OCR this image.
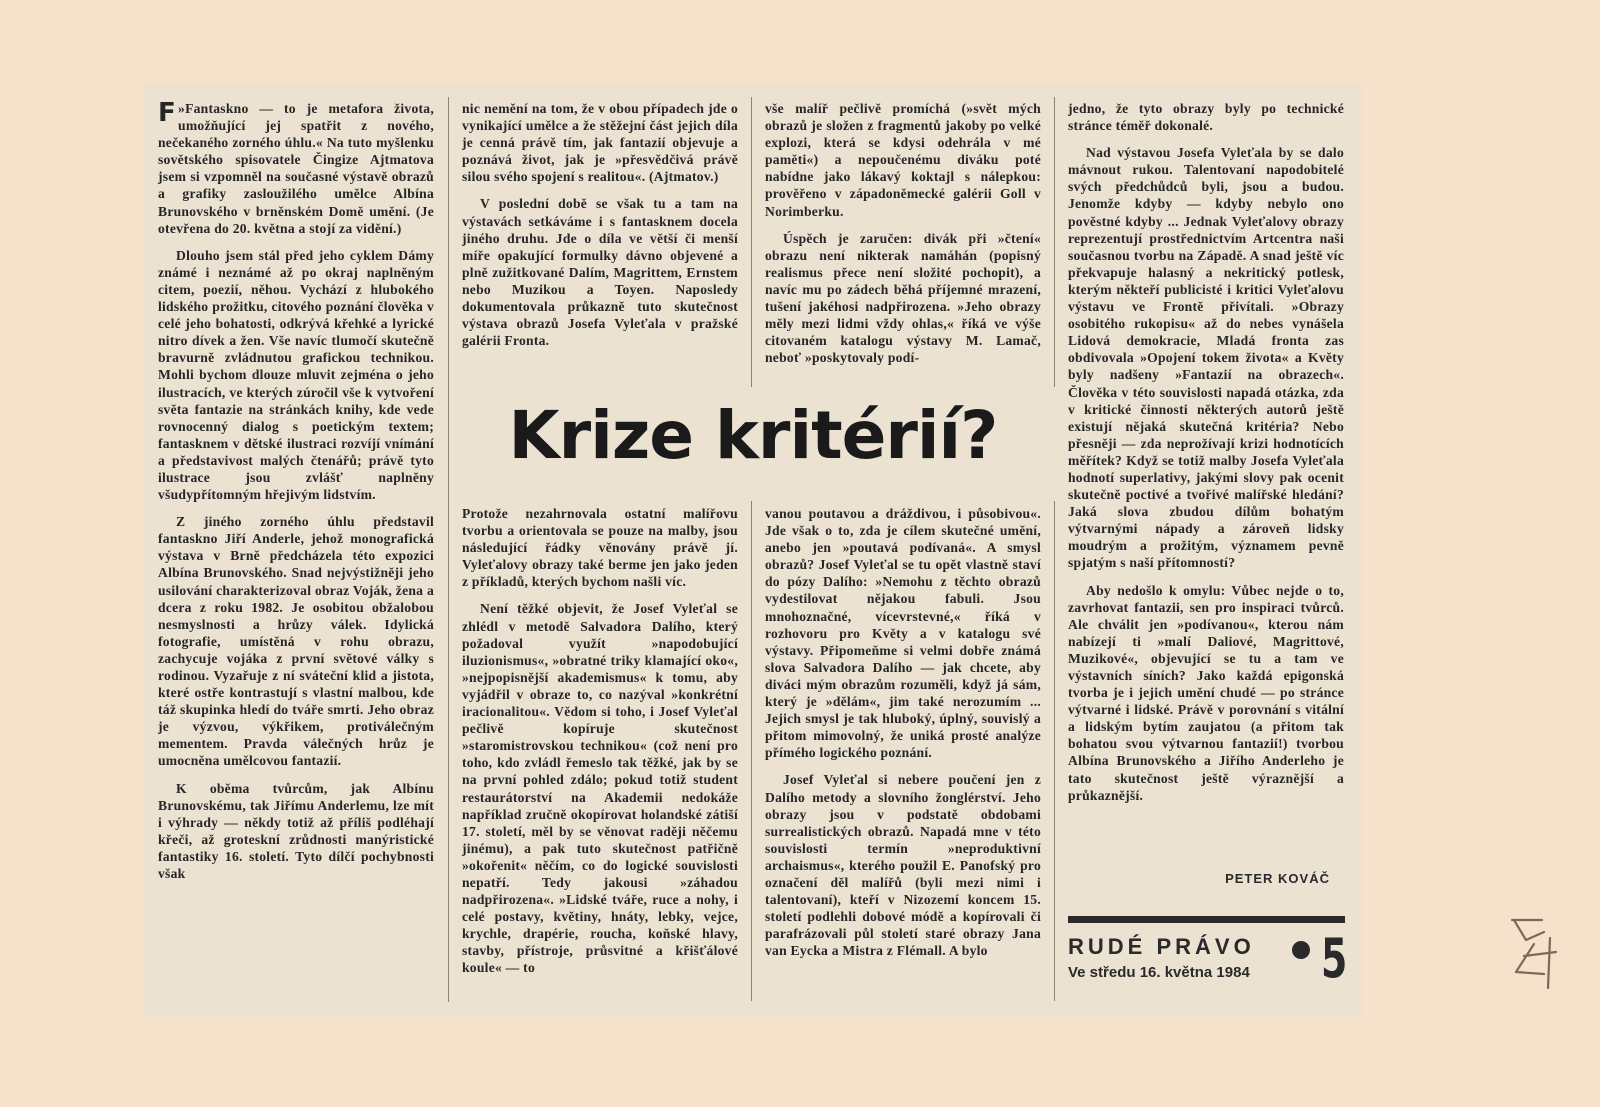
F »Fantaskno — to je metafora života, umožňující jej spatřit z nového, nečekaného zorného úhlu.« Na tuto myšlenku sovětského spisovatele Čingize Ajtmatova jsem si vzpomněl na současné výstavě obrazů a grafiky zasloužilého umělce Albína Brunovského v brněnském Domě umění. (Je otevřena do 20. května a stojí za vidění.)

Dlouho jsem stál před jeho cyklem Dámy známé i neznámé až po okraj naplněným citem, poezií, něhou. Vychází z hlubokého lidského prožitku, citového poznání člověka v celé jeho bohatosti, odkrývá křehké a lyrické nitro dívek a žen. Vše navíc tlumočí skutečně bravurně zvládnutou grafickou technikou. Mohli bychom dlouze mluvit zejména o jeho ilustracích, ve kterých zúročil vše k vytvoření světa fantazie na stránkách knihy, kde vede rovnocenný dialog s poetickým textem; fantasknem v dětské ilustraci rozvíjí vnímání a představivost malých čtenářů; právě tyto ilustrace jsou zvlášť naplněny všudypřítomným hřejivým lidstvím.

Z jiného zorného úhlu představil fantaskno Jiří Anderle, jehož monografická výstava v Brně předcházela této expozici Albína Brunovského. Snad nejvýstižněji jeho usilování charakterizoval obraz Voják, žena a dcera z roku 1982. Je osobitou obžalobou nesmyslnosti a hrůzy válek. Idylická fotografie, umístěná v rohu obrazu, zachycuje vojáka z první světové války s rodinou. Vyzařuje z ní sváteční klid a jistota, které ostře kontrastují s vlastní malbou, kde táž skupinka hledí do tváře smrti. Jeho obraz je výzvou, výkřikem, protiválečným mementem. Pravda válečných hrůz je umocněna umělcovou fantazií.

K oběma tvůrcům, jak Albínu Brunovskému, tak Jiřímu Anderlemu, lze mít i výhrady — někdy totiž až příliš podléhají křeči, až groteskní zrůdnosti manýristické fantastiky 16. století. Tyto dílčí pochybnosti však

nic nemění na tom, že v obou případech jde o vynikající umělce a že stěžejní část jejich díla je cenná právě tím, jak fantazií objevuje a poznává život, jak je »přesvědčivá právě silou svého spojení s realitou«. (Ajtmatov.)

V poslední době se však tu a tam na výstavách setkáváme i s fantasknem docela jiného druhu. Jde o díla ve větší či menší míře opakující formulky dávno objevené a plně zužitkované Dalím, Magrittem, Ernstem nebo Muzikou a Toyen. Naposledy dokumentovala průkazně tuto skutečnost výstava obrazů Josefa Vyleťala v pražské galérii Fronta.

vše malíř pečlivě promíchá (»svět mých obrazů je složen z fragmentů jakoby po velké explozi, která se kdysi odehrála v mé paměti«) a nepoučenému diváku poté nabídne jako lákavý koktajl s nálepkou: prověřeno v západoněmecké galérii Goll v Norimberku.

Úspěch je zaručen: divák při »čtení« obrazu není nikterak namáhán (popisný realismus přece není složité pochopit), a navíc mu po zádech běhá příjemné mrazení, tušení jakéhosi nadpřirozena. »Jeho obrazy měly mezi lidmi vždy ohlas,« říká ve výše citovaném katalogu výstavy M. Lamač, neboť »poskytovaly podí-

Krize kritérií?

Protože nezahrnovala ostatní malířovu tvorbu a orientovala se pouze na malby, jsou následující řádky věnovány právě jí. Vyleťalovy obrazy také berme jen jako jeden z příkladů, kterých bychom našli víc.

Není těžké objevit, že Josef Vyleťal se zhlédl v metodě Salvadora Dalího, který požadoval využít »napodobující iluzionismus«, »obratné triky klamající oko«, »nejpopisnější akademismus« k tomu, aby vyjádřil v obraze to, co nazýval »konkrétní iracionalitou«. Vědom si toho, i Josef Vyleťal pečlivě kopíruje skutečnost »staromistrovskou technikou« (což není pro toho, kdo zvládl řemeslo tak těžké, jak by se na první pohled zdálo; pokud totiž student restaurátorství na Akademii nedokáže například zručně okopírovat holandské zátiší 17. století, měl by se věnovat raději něčemu jinému), a pak tuto skutečnost patřičně »okořenit« něčím, co do logické souvislosti nepatří. Tedy jakousi »záhadou nadpřirozena«. »Lidské tváře, ruce a nohy, i celé postavy, květiny, hnáty, lebky, vejce, krychle, drapérie, roucha, koňské hlavy, stavby, přístroje, průsvitné a křišťálové koule« — to

vanou poutavou a dráždivou, i působivou«. Jde však o to, zda je cílem skutečné umění, anebo jen »poutavá podívaná«. A smysl obrazů? Josef Vyleťal se tu opět vlastně staví do pózy Dalího: »Nemohu z těchto obrazů vydestilovat nějakou fabuli. Jsou mnohoznačné, vícevrstevné,« říká v rozhovoru pro Květy a v katalogu své výstavy. Připomeňme si velmi dobře známá slova Salvadora Dalího — jak chcete, aby diváci mým obrazům rozuměli, když já sám, který je »dělám«, jim také nerozumím ... Jejich smysl je tak hluboký, úplný, souvislý a přitom mimovolný, že uniká prosté analýze přímého logického poznání.

Josef Vyleťal si nebere poučení jen z Dalího metody a slovního žonglérství. Jeho obrazy jsou v podstatě obdobami surrealistických obrazů. Napadá mne v této souvislosti termín »neproduktivní archaismus«, kterého použil E. Panofský pro označení děl malířů (byli mezi nimi i talentovaní), kteří v Nizozemí koncem 15. století podlehli dobové módě a kopírovali či parafrázovali půl století staré obrazy Jana van Eycka a Mistra z Flémall. A bylo

jedno, že tyto obrazy byly po technické stránce téměř dokonalé.

Nad výstavou Josefa Vyleťala by se dalo mávnout rukou. Talentovaní napodobitelé svých předchůdců byli, jsou a budou. Jenomže kdyby — kdyby nebylo ono pověstné kdyby ... Jednak Vyleťalovy obrazy reprezentují prostřednictvím Artcentra naši současnou tvorbu na Západě. A snad ještě víc překvapuje halasný a nekritický potlesk, kterým někteří publicisté i kritici Vyleťalovu výstavu ve Frontě přivítali. »Obrazy osobitého rukopisu« až do nebes vynášela Lidová demokracie, Mladá fronta zas obdivovala »Opojení tokem života« a Květy byly nadšeny »Fantazií na obrazech«. Člověka v této souvislosti napadá otázka, zda v kritické činnosti některých autorů ještě existují nějaká skutečná kritéria? Nebo přesněji — zda neprožívají krizi hodnotících měřítek? Když se totiž malby Josefa Vyleťala hodnotí superlativy, jakými slovy pak ocenit skutečně poctivé a tvořivé malířské hledání? Jaká slova zbudou dílům bohatým výtvarnými nápady a zároveň lidsky moudrým a prožitým, významem pevně spjatým s naší přítomností?

Aby nedošlo k omylu: Vůbec nejde o to, zavrhovat fantazii, sen pro inspiraci tvůrců. Ale chválit jen »podívanou«, kterou nám nabízejí ti »malí Daliové, Magrittové, Muzikové«, objevující se tu a tam ve výstavních síních? Jako každá epigonská tvorba je i jejich umění chudé — po stránce výtvarné i lidské. Právě v porovnání s vitální a lidským bytím zaujatou (a přitom tak bohatou svou výtvarnou fantazií!) tvorbou Albína Brunovského a Jiřího Anderleho je tato skutečnost ještě výraznější a průkaznější.

PETER KOVÁČ
RUDÉ PRÁVO
Ve středu 16. května 1984 5
